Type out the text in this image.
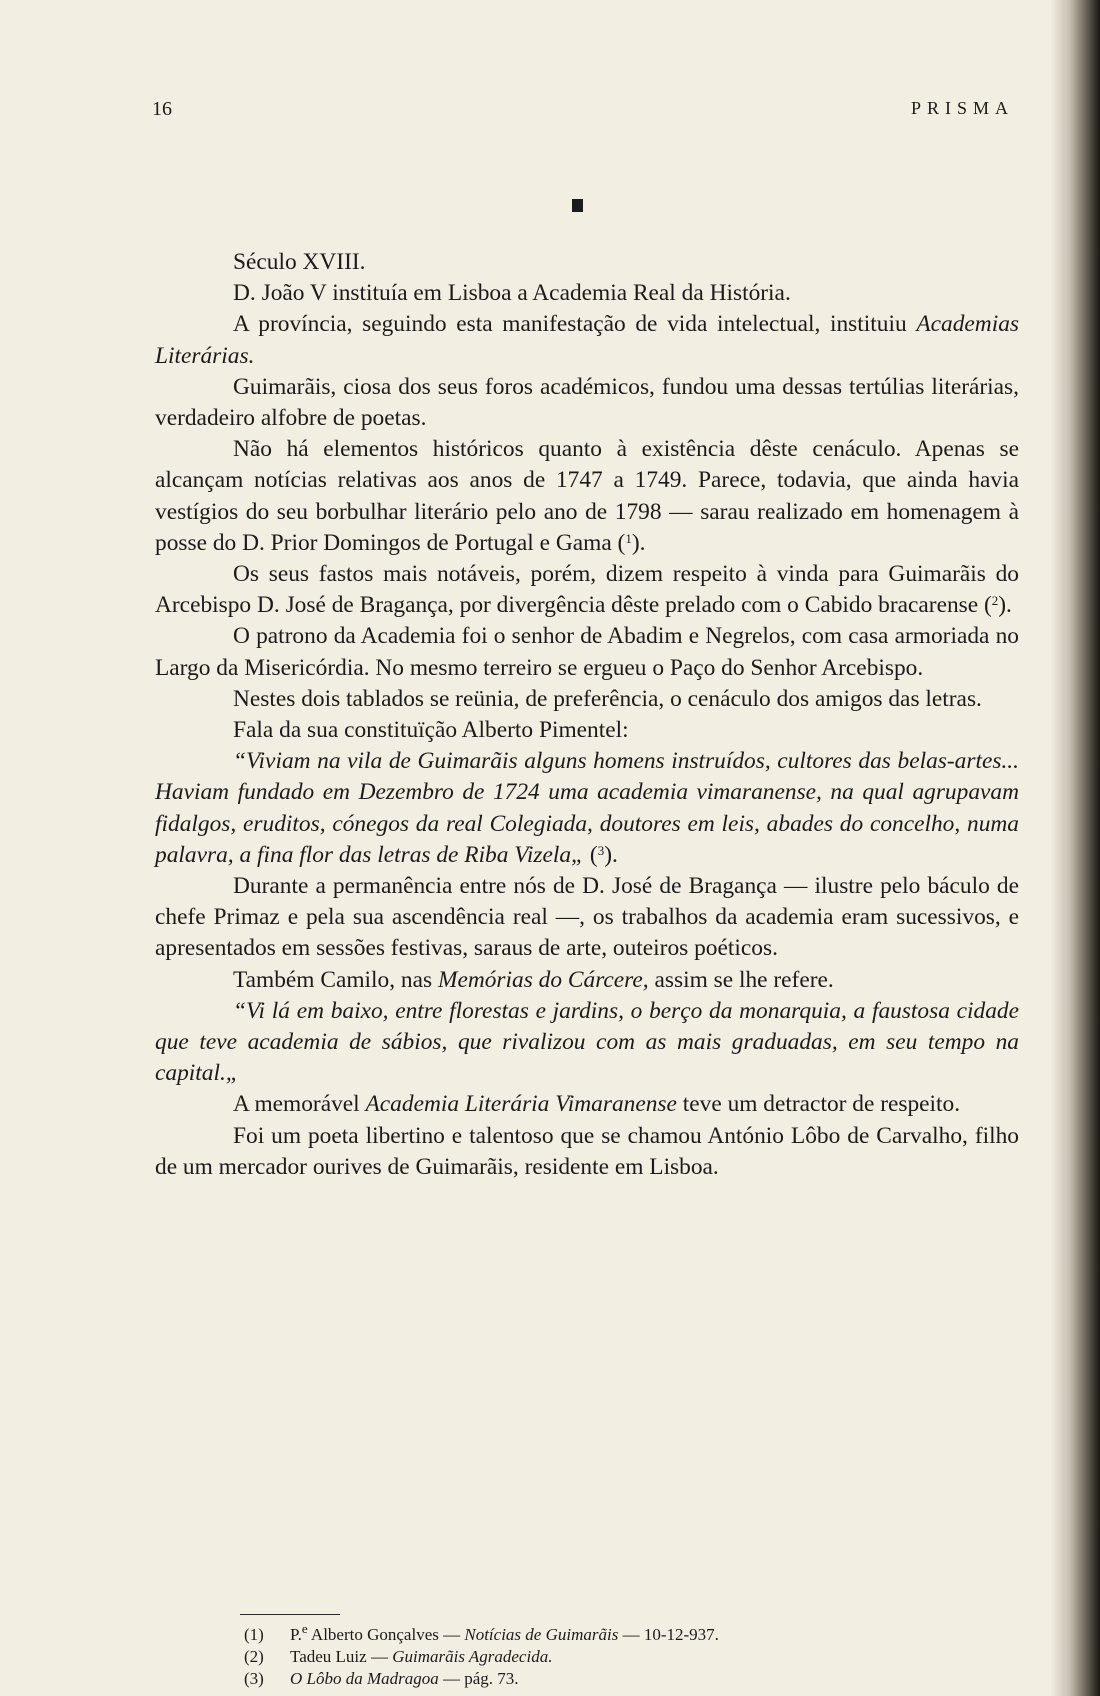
16	PRISMA

Século XVIII.

D. João V instituía em Lisboa a Academia Real da História.

A província, seguindo esta manifestação de vida intelectual, instituiu Academias Literárias.

Guimarãis, ciosa dos seus foros académicos, fundou uma dessas tertúlias literárias, verdadeiro alfobre de poetas.

Não há elementos históricos quanto à existência dêste cenáculo. Apenas se alcançam notícias relativas aos anos de 1747 a 1749. Parece, todavia, que ainda havia vestígios do seu borbulhar literário pelo ano de 1798 — sarau realizado em homenagem à posse do D. Prior Domingos de Portugal e Gama ($^1$).

Os seus fastos mais notáveis, porém, dizem respeito à vinda para Guimarãis do Arcebispo D. José de Bragança, por divergência dêste prelado com o Cabido bracarense ($^2$).

O patrono da Academia foi o senhor de Abadim e Negrelos, com casa armoriada no Largo da Misericórdia. No mesmo terreiro se ergueu o Paço do Senhor Arcebispo.

Nestes dois tablados se reünia, de preferência, o cenáculo dos amigos das letras.

Fala da sua constituïção Alberto Pimentel:

“Viviam na vila de Guimarãis alguns homens instruídos, cultores das belas-artes... Haviam fundado em Dezembro de 1724 uma academia vimaranense, na qual agrupavam fidalgos, eruditos, cónegos da real Colegiada, doutores em leis, abades do concelho, numa palavra, a fina flor das letras de Riba Vizela„ ($^3$).

Durante a permanência entre nós de D. José de Bragança — ilustre pelo báculo de chefe Primaz e pela sua ascendência real —, os trabalhos da academia eram sucessivos, e apresentados em sessões festivas, saraus de arte, outeiros poéticos.

Também Camilo, nas Memórias do Cárcere, assim se lhe refere.

“Vi lá em baixo, entre florestas e jardins, o berço da monarquia, a faustosa cidade que teve academia de sábios, que rivalizou com as mais graduadas, em seu tempo na capital.„

A memorável Academia Literária Vimaranense teve um detractor de respeito.

Foi um poeta libertino e talentoso que se chamou António Lôbo de Carvalho, filho de um mercador ourives de Guimarãis, residente em Lisboa.

(1) P.$^e$ Alberto Gonçalves — Notícias de Guimarãis — 10-12-937.
(2) Tadeu Luiz — Guimarãis Agradecida.
(3) O Lôbo da Madragoa — pág. 73.
